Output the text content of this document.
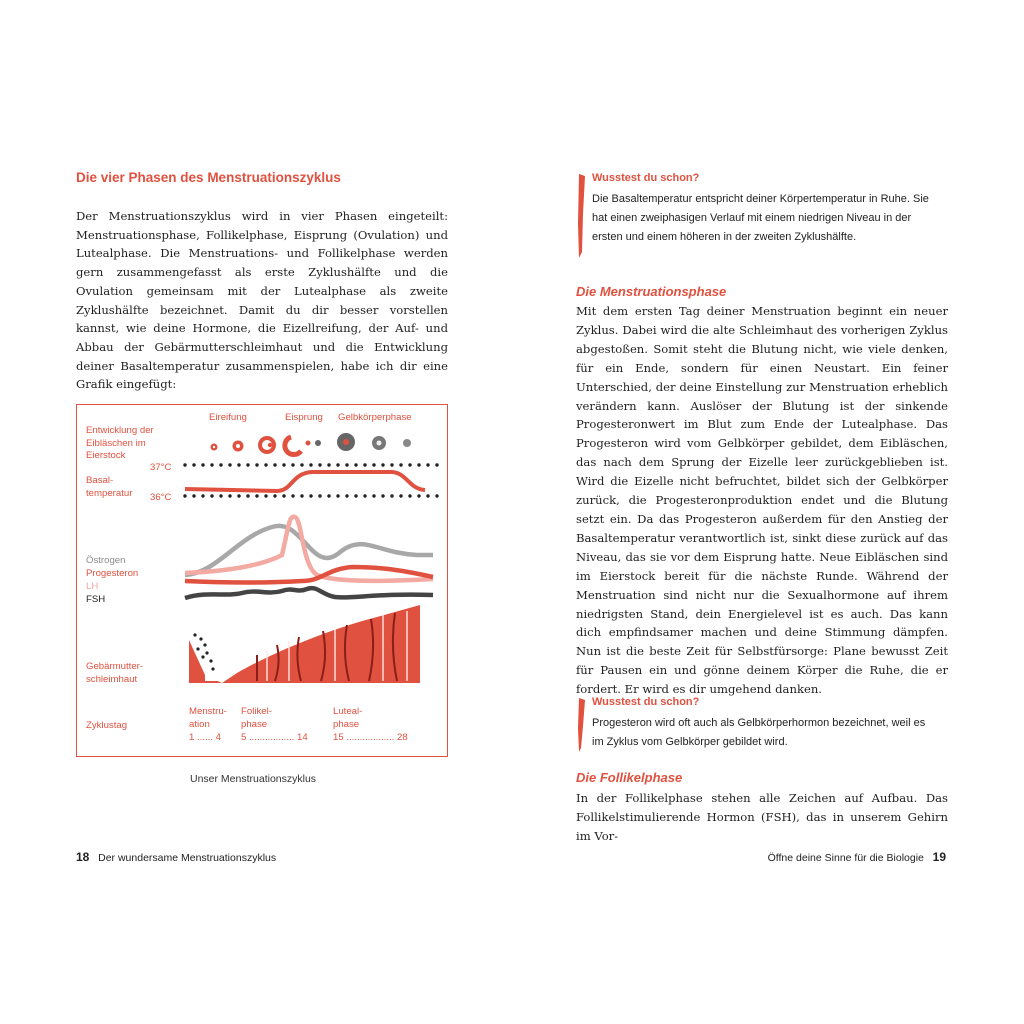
Die vier Phasen des Menstruationszyklus

Der Menstruationszyklus wird in vier Phasen eingeteilt: Menstruationsphase, Follikelphase, Eisprung (Ovulation) und Lutealphase. Die Menstruations- und Follikelphase werden gern zusammengefasst als erste Zyklushälfte und die Ovulation gemeinsam mit der Lutealphase als zweite Zyklushälfte bezeichnet. Damit du dir besser vorstellen kannst, wie deine Hormone, die Eizellreifung, der Auf- und Abbau der Gebärmutterschleimhaut und die Entwicklung deiner Basaltemperatur zusammenspielen, habe ich dir eine Grafik eingefügt:

Entwicklung der Eibläschen im Eierstock

Basal-temperatur

37°C

36°C

Eireifung	Eisprung Gelbkörperphase

Östrogen

Progesteron

LH

FSH

Gebärmutter-schleimhaut

Zyklustag

Menstru-ation

1 ...... 4

Folikel-phase

5 ................. 14

Luteal-phase

15 .................. 28

Unser Menstruationszyklus
18 Der wundersame Menstruationszyklus

Wusstest du schon?

Die Basaltemperatur entspricht deiner Körpertemperatur in Ruhe. Sie hat einen zweiphasigen Verlauf mit einem niedrigen Niveau in der ersten und einem höheren in der zweiten Zyklushälfte.

Die Menstruationsphase

Mit dem ersten Tag deiner Menstruation beginnt ein neuer Zyklus. Dabei wird die alte Schleimhaut des vorherigen Zyklus abgestoßen. Somit steht die Blutung nicht, wie viele denken, für ein Ende, sondern für einen Neustart. Ein feiner Unterschied, der deine Einstellung zur Menstruation erheblich verändern kann. Auslöser der Blutung ist der sinkende Progesteronwert im Blut zum Ende der Lutealphase. Das Progesteron wird vom Gelbkörper gebildet, dem Eibläschen, das nach dem Sprung der Eizelle leer zurückgeblieben ist. Wird die Eizelle nicht befruchtet, bildet sich der Gelbkörper zurück, die Progesteronproduktion endet und die Blutung setzt ein. Da das Progesteron außerdem für den Anstieg der Basaltemperatur verantwortlich ist, sinkt diese zurück auf das Niveau, das sie vor dem Eisprung hatte. Neue Eibläschen sind im Eierstock bereit für die nächste Runde. Während der Menstruation sind nicht nur die Sexualhormone auf ihrem niedrigsten Stand, dein Energielevel ist es auch. Das kann dich empfindsamer machen und deine Stimmung dämpfen. Nun ist die beste Zeit für Selbstfürsorge: Plane bewusst Zeit für Pausen ein und gönne deinem Körper die Ruhe, die er fordert. Er wird es dir umgehend danken.

Wusstest du schon?

Progesteron wird oft auch als Gelbkörperhormon bezeichnet, weil es im Zyklus vom Gelbkörper gebildet wird.

Die Follikelphase

In der Follikelphase stehen alle Zeichen auf Aufbau. Das Follikelstimulierende Hormon (FSH), das in unserem Gehirn im Vor-

Öffne deine Sinne für die Biologie 19
